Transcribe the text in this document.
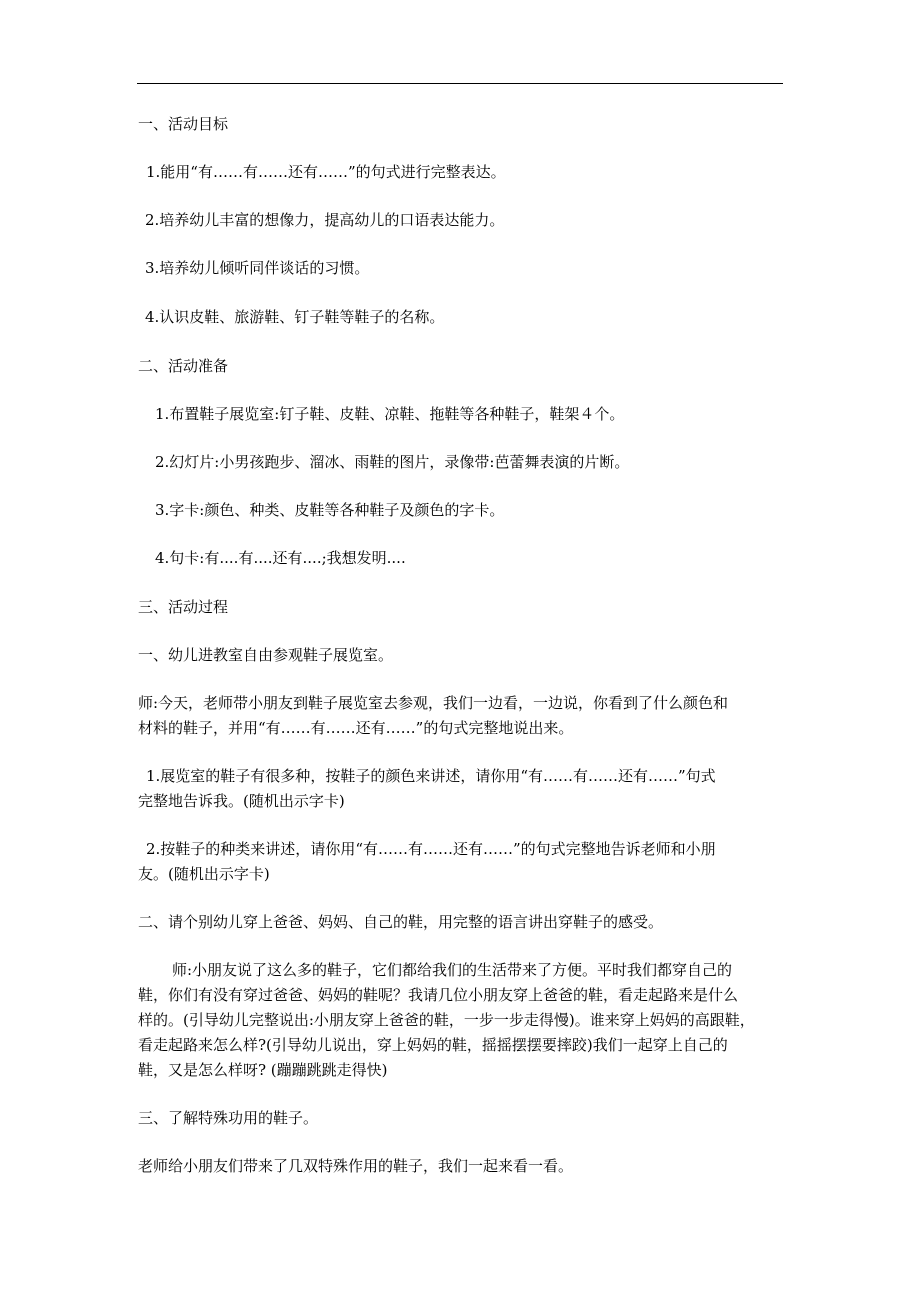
一、活动目标
1.能用“有……有……还有……”的句式进行完整表达。
2.培养幼儿丰富的想像力，提高幼儿的口语表达能力。
3.培养幼儿倾听同伴谈话的习惯。
4.认识皮鞋、旅游鞋、钉子鞋等鞋子的名称。
二、活动准备
1.布置鞋子展览室:钉子鞋、皮鞋、凉鞋、拖鞋等各种鞋子，鞋架４个。
2.幻灯片:小男孩跑步、溜冰、雨鞋的图片，录像带:芭蕾舞表演的片断。
3.字卡:颜色、种类、皮鞋等各种鞋子及颜色的字卡。
4.句卡:有....有....还有....;我想发明....
三、活动过程
一、幼儿进教室自由参观鞋子展览室。
师:今天，老师带小朋友到鞋子展览室去参观，我们一边看，一边说，你看到了什么颜色和
材料的鞋子，并用“有……有……还有……”的句式完整地说出来。
1.展览室的鞋子有很多种，按鞋子的颜色来讲述，请你用“有……有……还有……”句式
完整地告诉我。(随机出示字卡)
2.按鞋子的种类来讲述，请你用“有……有……还有……”的句式完整地告诉老师和小朋
友。(随机出示字卡)
二、请个别幼儿穿上爸爸、妈妈、自己的鞋，用完整的语言讲出穿鞋子的感受。
师:小朋友说了这么多的鞋子，它们都给我们的生活带来了方便。平时我们都穿自己的
鞋，你们有没有穿过爸爸、妈妈的鞋呢？我请几位小朋友穿上爸爸的鞋，看走起路来是什么
样的。(引导幼儿完整说出:小朋友穿上爸爸的鞋，一步一步走得慢)。谁来穿上妈妈的高跟鞋，
看走起路来怎么样?(引导幼儿说出，穿上妈妈的鞋，摇摇摆摆要摔跤)我们一起穿上自己的
鞋，又是怎么样呀? (蹦蹦跳跳走得快)
三、了解特殊功用的鞋子。
老师给小朋友们带来了几双特殊作用的鞋子，我们一起来看一看。
